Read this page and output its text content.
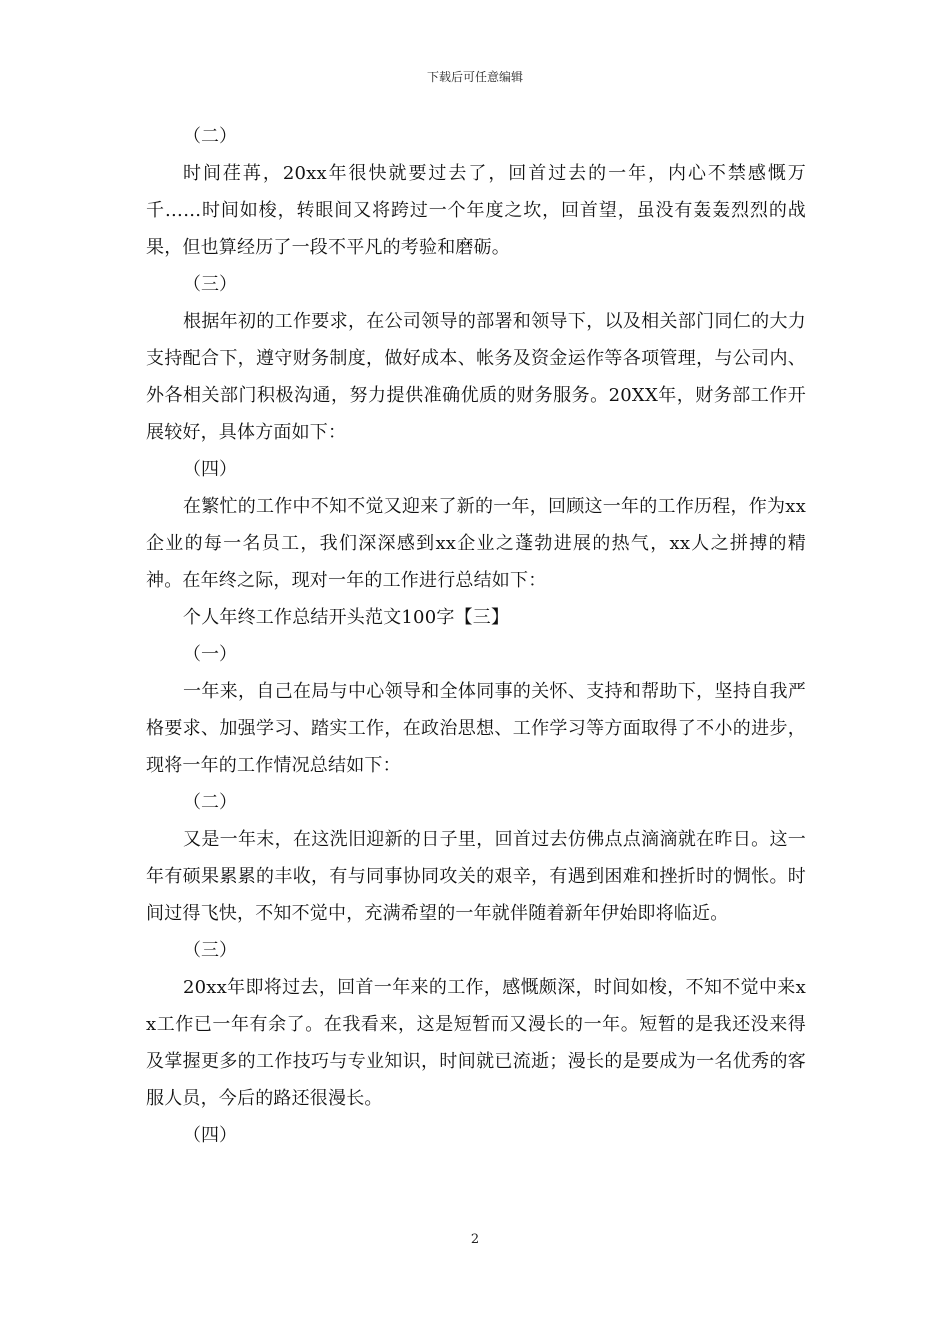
下载后可任意编辑

（二）

时间荏苒，20xx年很快就要过去了，回首过去的一年，内心不禁感慨万千……时间如梭，转眼间又将跨过一个年度之坎，回首望，虽没有轰轰烈烈的战果，但也算经历了一段不平凡的考验和磨砺。

（三）

根据年初的工作要求，在公司领导的部署和领导下，以及相关部门同仁的大力支持配合下，遵守财务制度，做好成本、帐务及资金运作等各项管理，与公司内、外各相关部门积极沟通，努力提供准确优质的财务服务。20XX年，财务部工作开展较好，具体方面如下：

（四）

在繁忙的工作中不知不觉又迎来了新的一年，回顾这一年的工作历程，作为xx企业的每一名员工，我们深深感到xx企业之蓬勃进展的热气，xx人之拼搏的精神。在年终之际，现对一年的工作进行总结如下：

个人年终工作总结开头范文100字【三】

（一）

一年来，自己在局与中心领导和全体同事的关怀、支持和帮助下，坚持自我严格要求、加强学习、踏实工作，在政治思想、工作学习等方面取得了不小的进步，现将一年的工作情况总结如下：

（二）

又是一年末，在这洗旧迎新的日子里，回首过去仿佛点点滴滴就在昨日。这一年有硕果累累的丰收，有与同事协同攻关的艰辛，有遇到困难和挫折时的惆怅。时间过得飞快，不知不觉中，充满希望的一年就伴随着新年伊始即将临近。

（三）

20xx年即将过去，回首一年来的工作，感慨颇深，时间如梭，不知不觉中来xx工作已一年有余了。在我看来，这是短暂而又漫长的一年。短暂的是我还没来得及掌握更多的工作技巧与专业知识，时间就已流逝；漫长的是要成为一名优秀的客服人员，今后的路还很漫长。

（四）

2
